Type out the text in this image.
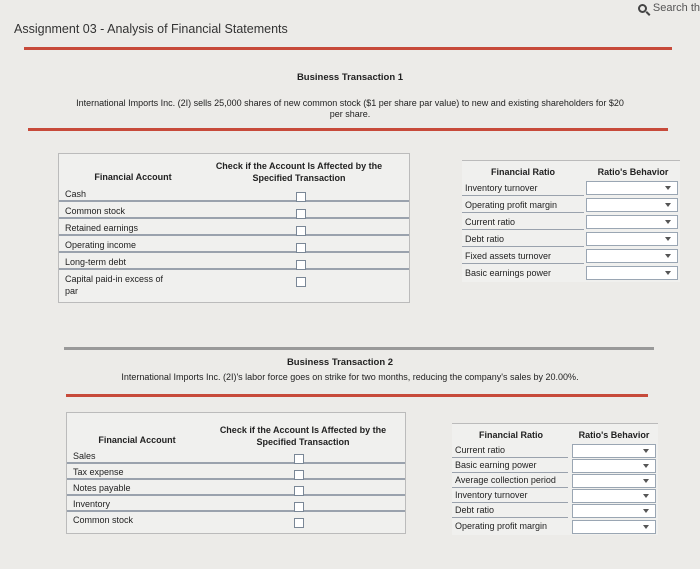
Search th
Assignment 03 - Analysis of Financial Statements
Business Transaction 1
International Imports Inc. (2I) sells 25,000 shares of new common stock ($1 per share par value) to new and existing shareholders for $20
per share.
Financial Account
Check if the Account Is Affected by the Specified Transaction
Cash
Common stock
Retained earnings
Operating income
Long-term debt
Capital paid-in excess of
par
Financial Ratio	Ratio's Behavior
Inventory turnover
Operating profit margin
Current ratio
Debt ratio
Fixed assets turnover
Basic earnings power
Business Transaction 2
International Imports Inc. (2I)'s labor force goes on strike for two months, reducing the company's sales by 20.00%.
Financial Account
Check if the Account Is Affected by the Specified Transaction
Sales
Tax expense
Notes payable
Inventory
Common stock
Financial Ratio	Ratio's Behavior
Current ratio
Basic earning power
Average collection period
Inventory turnover
Debt ratio
Operating profit margin
